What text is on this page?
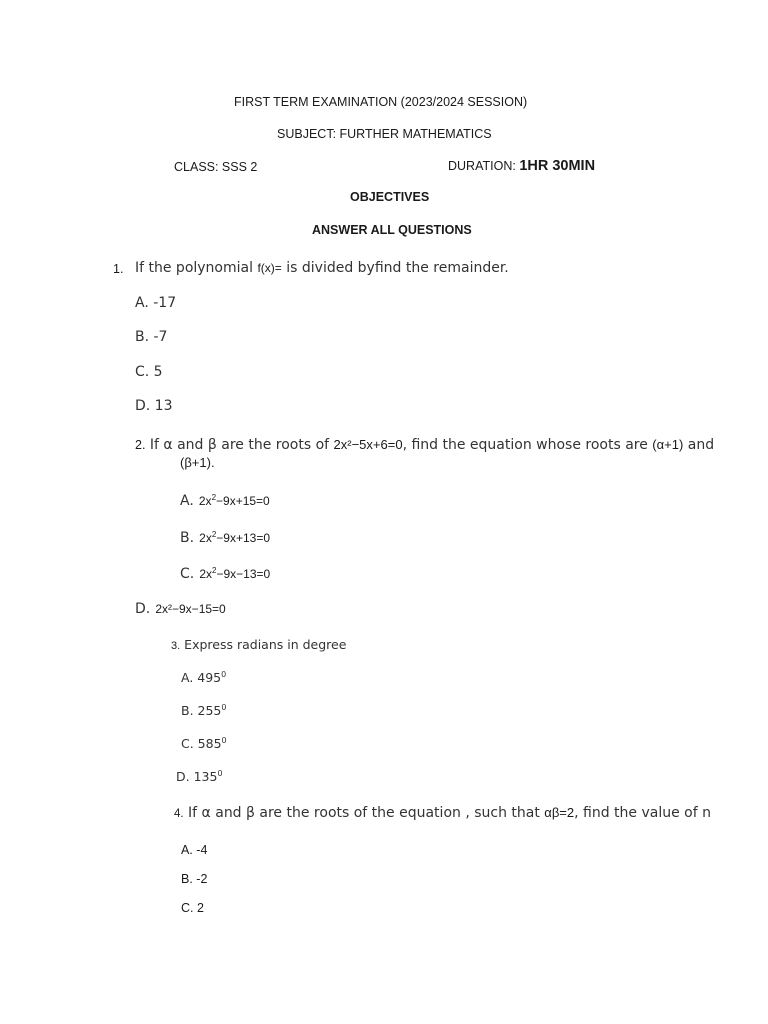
FIRST TERM EXAMINATION (2023/2024 SESSION)
SUBJECT: FURTHER MATHEMATICS
CLASS: SSS 2	DURATION: 1HR 30MIN
OBJECTIVES
ANSWER ALL QUESTIONS
1. If the polynomial f(x)= is divided byfind the remainder.
A. -17
B. -7
C. 5
D. 13
2. If α and β are the roots of 2x²−5x+6=0, find the equation whose roots are (α+1) and
(β+1).
A. $2x^2-9x+15=0$
B. $2x^2-9x+13=0$
C. $2x^2-9x-13=0$
D. 2x²−9x−15=0
3. Express radians in degree
A. $495^0$
B. $255^0$
C. $585^0$
D. $135^0$
4. If α and β are the roots of the equation , such that αβ=2, find the value of n
A. -4
B. -2
C. 2
